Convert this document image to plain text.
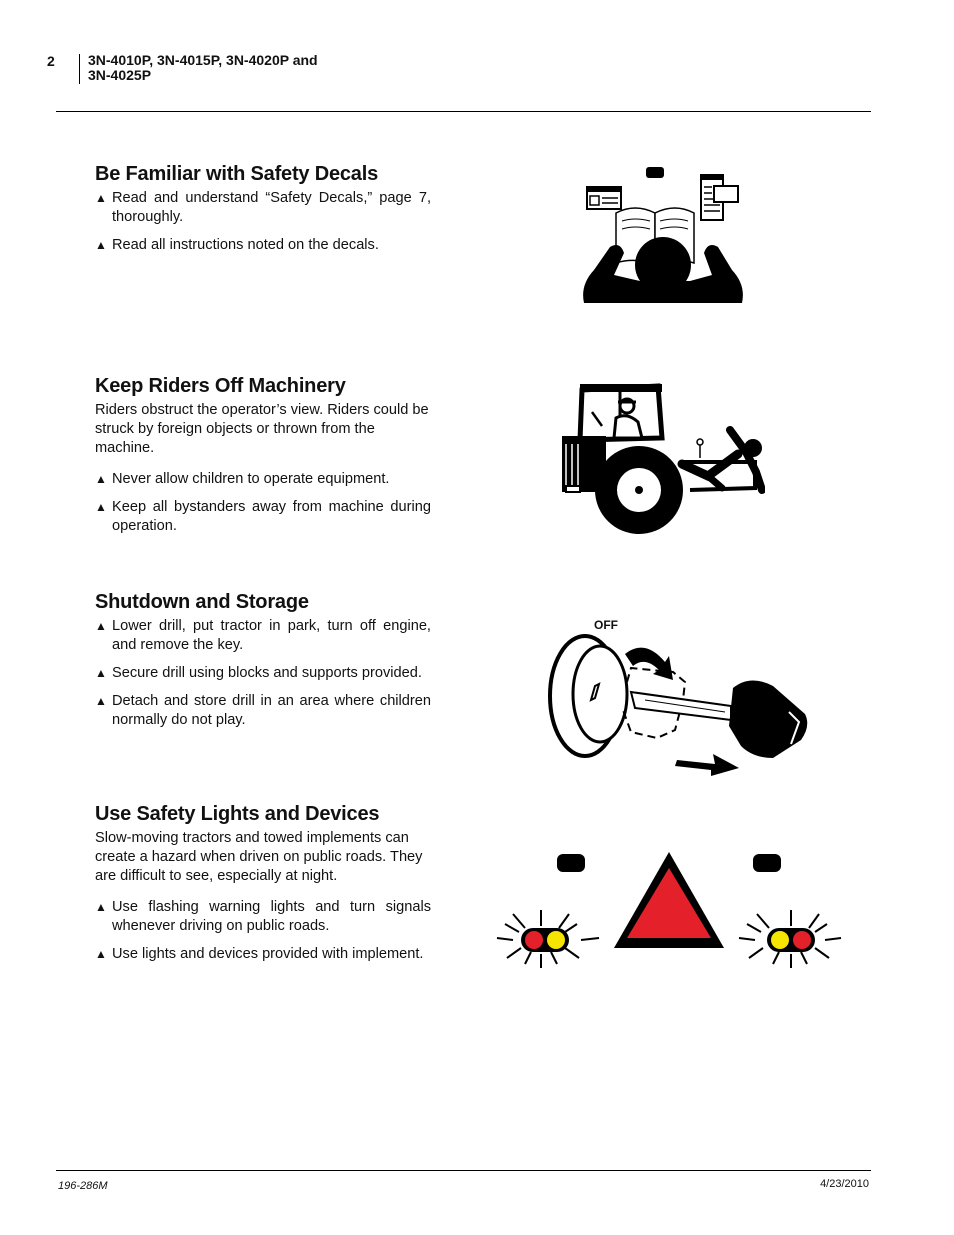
2 3N-4010P, 3N-4015P, 3N-4020P and
3N-4025P
Be Familiar with Safety Decals
▲ Read and understand “Safety Decals,” page 7, thoroughly.
▲ Read all instructions noted on the decals.
Keep Riders Off Machinery

Riders obstruct the operator’s view. Riders could be struck by foreign objects or thrown from the machine.

▲ Never allow children to operate equipment.
▲ Keep all bystanders away from machine during operation.
Shutdown and Storage
▲ Lower drill, put tractor in park, turn off engine, and remove the key.
▲ Secure drill using blocks and supports provided.
▲ Detach and store drill in an area where children normally do not play.
Use Safety Lights and Devices

Slow-moving tractors and towed implements can create a hazard when driven on public roads. They are difficult to see, especially at night.

▲ Use flashing warning lights and turn signals whenever driving on public roads.
▲ Use lights and devices provided with implement.
OFF
196-286M	4/23/2010
